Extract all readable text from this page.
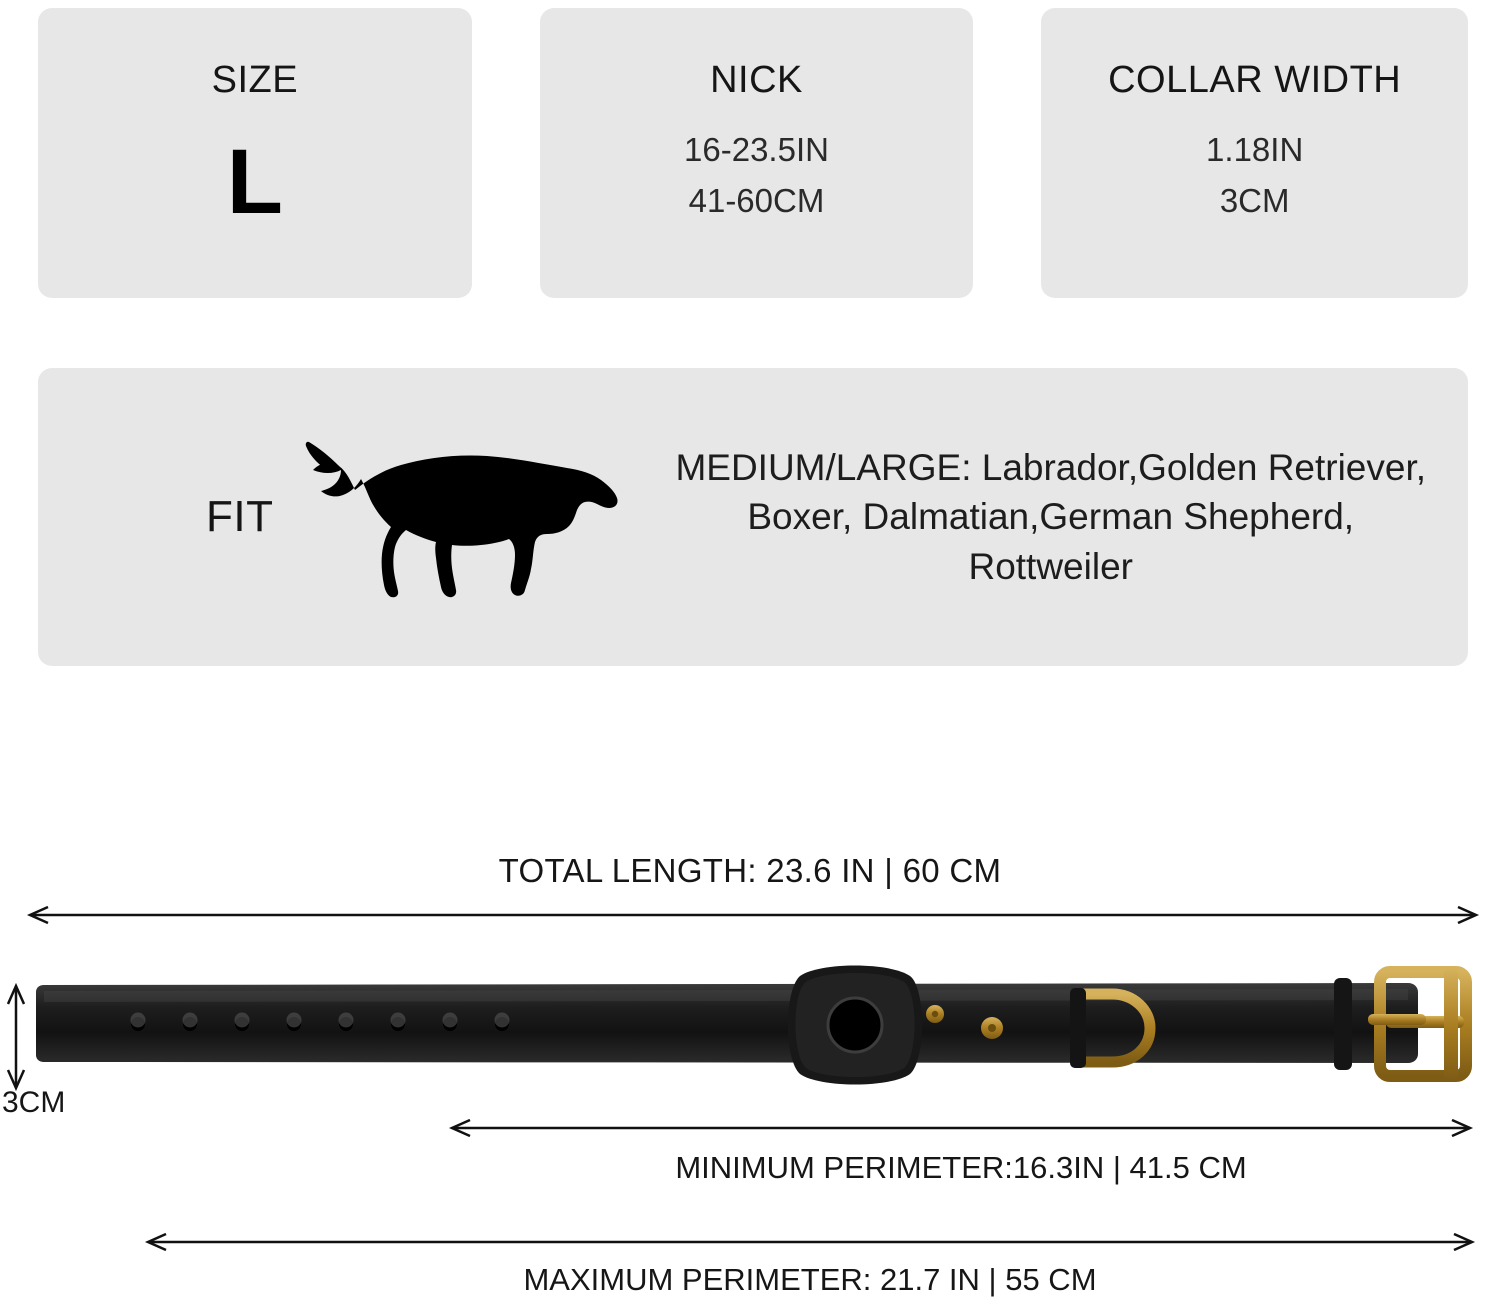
SIZE
L
NICK
16-23.5IN
41-60CM
COLLAR WIDTH
1.18IN
3CM
FIT
MEDIUM/LARGE: Labrador,Golden Retriever, Boxer, Dalmatian,German Shepherd, Rottweiler
TOTAL LENGTH: 23.6 IN | 60 CM
3CM
MINIMUM PERIMETER:16.3IN | 41.5 CM
MAXIMUM PERIMETER: 21.7 IN | 55 CM
